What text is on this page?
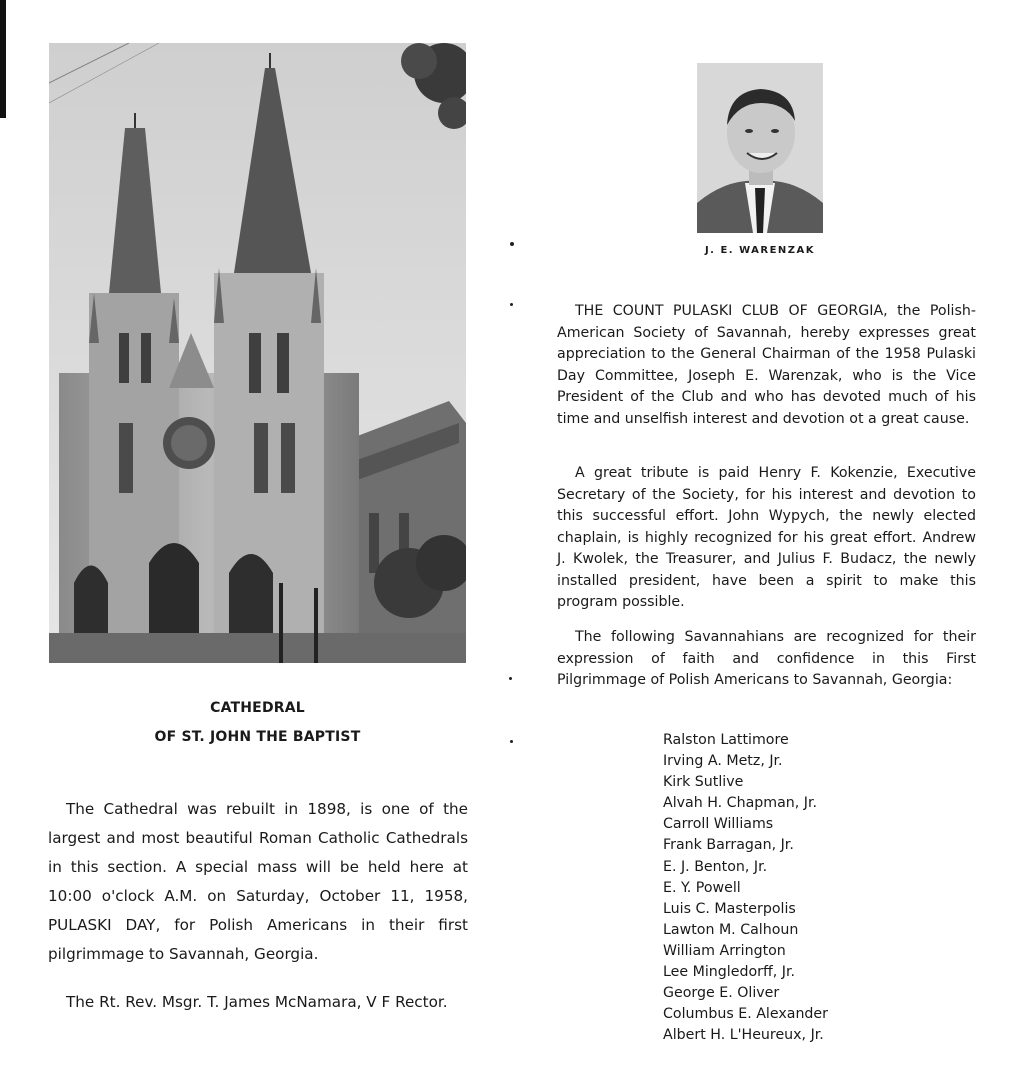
CATHEDRAL
OF ST. JOHN THE BAPTIST

The Cathedral was rebuilt in 1898, is one of the largest and most beautiful Roman Catholic Cathedrals in this section. A special mass will be held here at 10:00 o'clock A.M. on Saturday, October 11, 1958, PULASKI DAY, for Polish Americans in their first pilgrimmage to Savannah, Georgia.

The Rt. Rev. Msgr. T. James McNamara, V F Rector.

J. E. WARENZAK

THE COUNT PULASKI CLUB OF GEORGIA, the Polish-American Society of Savannah, hereby expresses great appreciation to the General Chairman of the 1958 Pulaski Day Committee, Joseph E. Warenzak, who is the Vice President of the Club and who has devoted much of his time and unselfish interest and devotion ot a great cause.

A great tribute is paid Henry F. Kokenzie, Executive Secretary of the Society, for his interest and devotion to this successful effort. John Wypych, the newly elected chaplain, is highly recognized for his great effort. Andrew J. Kwolek, the Treasurer, and Julius F. Budacz, the newly installed president, have been a spirit to make this program possible.

The following Savannahians are recognized for their expression of faith and confidence in this First Pilgrimmage of Polish Americans to Savannah, Georgia:

Ralston Lattimore
Irving A. Metz, Jr.
Kirk Sutlive
Alvah H. Chapman, Jr.
Carroll Williams
Frank Barragan, Jr.
E. J. Benton, Jr.
E. Y. Powell
Luis C. Masterpolis
Lawton M. Calhoun
William Arrington
Lee Mingledorff, Jr.
George E. Oliver
Columbus E. Alexander
Albert H. L'Heureux, Jr.
